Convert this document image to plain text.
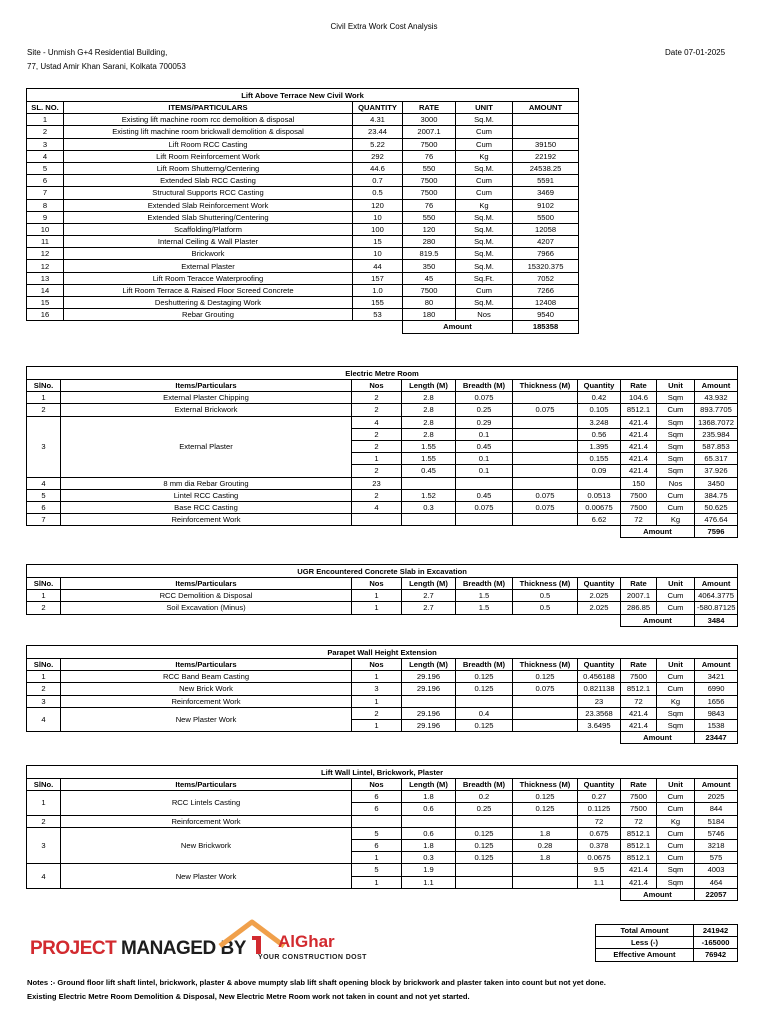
Civil Extra Work Cost Analysis
Site - Unmish G+4 Residential Building,
77, Ustad Amir Khan Sarani, Kolkata 700053
Date 07-01-2025
Lift Above Terrace New Civil Work					
SL. NO.	ITEMS/PARTICULARS	QUANTITY	RATE	UNIT	AMOUNT
1	Existing lift machine room rcc demolition & disposal	4.31	3000	Sq.M.	
2	Existing lift machine room brickwall demolition & disposal	23.44	2007.1	Cum	
3	Lift Room RCC Casting	5.22	7500	Cum	39150
4	Lift Room Reinforcement Work	292	76	Kg	22192
5	Lift Room Shutterng/Centering	44.6	550	Sq.M.	24538.25
6	Extended Slab RCC Casting	0.7	7500	Cum	5591
7	Structural Supports RCC Casting	0.5	7500	Cum	3469
8	Extended Slab Reinforcement Work	120	76	Kg	9102
9	Extended Slab Shuttering/Centering	10	550	Sq.M.	5500
10	Scaffolding/Platform	100	120	Sq.M.	12058
11	Internal Ceiling & Wall Plaster	15	280	Sq.M.	4207
12	Brickwork	10	819.5	Sq.M.	7966
12	External Plaster	44	350	Sq.M.	15320.375
13	Lift Room Teracce Waterproofing	157	45	Sq.Ft.	7052
14	Lift Room Terrace & Raised Floor Screed Concrete	1.0	7500	Cum	7266
15	Deshuttering & Destaging Work	155	80	Sq.M.	12408
16	Rebar Grouting	53	180	Nos	9540
			Amount		185358
Electric Metre Room									
SlNo.	Items/Particulars	Nos	Length (M)	Breadth (M)	Thickness (M)	Quantity	Rate	Unit	Amount
1	External Plaster Chipping	2	2.8	0.075		0.42	104.6	Sqm	43.932
2	External Brickwork	2	2.8	0.25	0.075	0.105	8512.1	Cum	893.7705
3	External Plaster	4	2.8	0.29		3.248	421.4	Sqm	1368.7072
		2	2.8	0.1		0.56	421.4	Sqm	235.984
		2	1.55	0.45		1.395	421.4	Sqm	587.853
		1	1.55	0.1		0.155	421.4	Sqm	65.317
		2	0.45	0.1		0.09	421.4	Sqm	37.926
4	8 mm dia Rebar Grouting	23					150	Nos	3450
5	Lintel RCC Casting	2	1.52	0.45	0.075	0.0513	7500	Cum	384.75
6	Base RCC Casting	4	0.3	0.075	0.075	0.00675	7500	Cum	50.625
7	Reinforcement Work					6.62	72	Kg	476.64
							Amount		7596
UGR Encountered Concrete Slab in Excavation									
SlNo.	Items/Particulars	Nos	Length (M)	Breadth (M)	Thickness (M)	Quantity	Rate	Unit	Amount
1	RCC Demolition & Disposal	1	2.7	1.5	0.5	2.025	2007.1	Cum	4064.3775
2	Soil Excavation (Minus)	1	2.7	1.5	0.5	2.025	286.85	Cum	-580.87125
							Amount		3484
Parapet Wall Height Extension									
SlNo.	Items/Particulars	Nos	Length (M)	Breadth (M)	Thickness (M)	Quantity	Rate	Unit	Amount
1	RCC Band Beam Casting	1	29.196	0.125	0.125	0.456188	7500	Cum	3421
2	New Brick Work	3	29.196	0.125	0.075	0.821138	8512.1	Cum	6990
3	Reinforcement Work	1				23	72	Kg	1656
4	New Plaster Work	2	29.196	0.4		23.3568	421.4	Sqm	9843
		1	29.196	0.125		3.6495	421.4	Sqm	1538
							Amount		23447
Lift Wall Lintel, Brickwork, Plaster									
SlNo.	Items/Particulars	Nos	Length (M)	Breadth (M)	Thickness (M)	Quantity	Rate	Unit	Amount
1	RCC Lintels Casting	6	1.8	0.2	0.125	0.27	7500	Cum	2025
		6	0.6	0.25	0.125	0.1125	7500	Cum	844
2	Reinforcement Work					72	72	Kg	5184
3	New Brickwork	5	0.6	0.125	1.8	0.675	8512.1	Cum	5746
		6	1.8	0.125	0.28	0.378	8512.1	Cum	3218
		1	0.3	0.125	1.8	0.0675	8512.1	Cum	575
4	New Plaster Work	5	1.9			9.5	421.4	Sqm	4003
		1	1.1			1.1	421.4	Sqm	464
							Amount		22057
Total Amount	241942
Less (-)	-165000
Effective Amount	76942
PROJECT MANAGED BY AlGhar
YOUR CONSTRUCTION DOST
Notes :- Ground floor lift shaft lintel, brickwork, plaster & above mumpty slab lift shaft opening block by brickwork and plaster taken into count but not yet done.
Existing Electric Metre Room Demolition & Disposal, New Electric Metre Room work not taken in count and not yet started.
